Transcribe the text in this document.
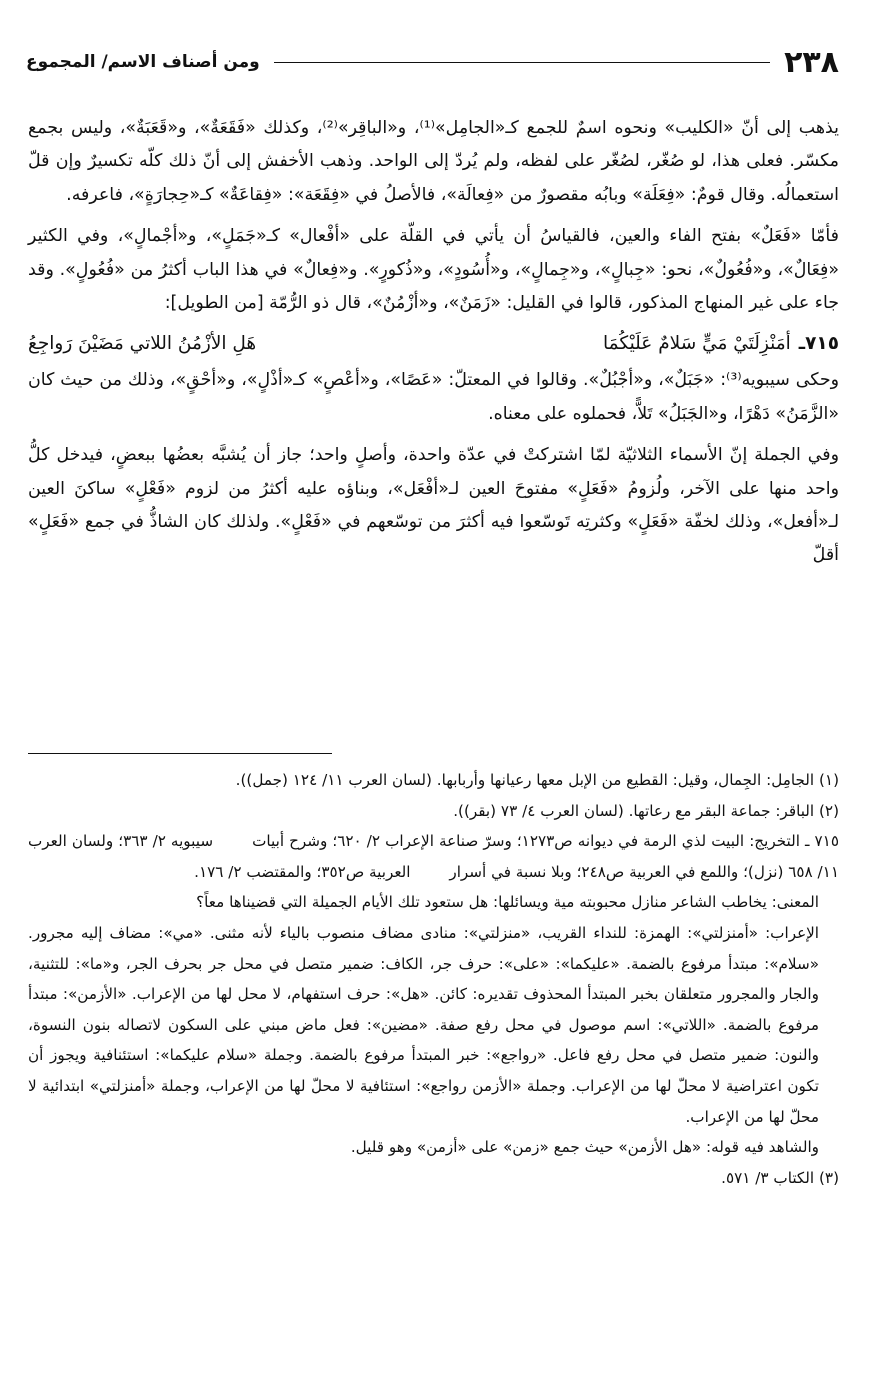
٢٣٨
ومن أصناف الاسم/ المجموع

يذهب إلى أنّ «الكليب» ونحوه اسمٌ للجمع كـ«الجامِل»⁽¹⁾، و«الباقِر»⁽²⁾، وكذلك «فَقَعَةٌ»، و«قَعَبَةٌ»، وليس بجمع مكسّر. فعلى هذا، لو صُغّر، لصُغّر على لفظه، ولم يُردّ إلى الواحد. وذهب الأخفش إلى أنّ ذلك كلّه تكسيرٌ وإن قلّ استعمالُه. وقال قومٌ: «فِعَلَة» وبابُه مقصورٌ من «فِعالَة»، فالأصلُ في «فِقَعَة»: «فِقاعَةٌ» كـ«حِجارَةٍ»، فاعرفه.

فأمّا «فَعَلٌ» بفتح الفاء والعين، فالقياسُ أن يأتي في القلّة على «أفْعال» كـ«جَمَلٍ»، و«أجْمالٍ»، وفي الكثير «فِعَالٌ»، و«فُعُولٌ»، نحو: «جِبالٍ»، و«جِمالٍ»، و«أُسُودٍ»، و«ذُكورٍ». و«فِعالٌ» في هذا الباب أكثرُ من «فُعُولٍ». وقد جاء على غير المنهاج المذكور، قالوا في القليل: «زَمَنٌ»، و«أزْمُنٌ»، قال ذو الرُّمّة [من الطويل]:

٧١٥ـ
أمَنْزِلَتَيْ مَيٍّ سَلامٌ عَلَيْكُمَا
هَلِ الأزْمُنُ اللاتي مَضَيْنَ رَواجِعُ

وحكى سيبويه⁽³⁾: «جَبَلٌ»، و«أجْبُلٌ». وقالوا في المعتلّ: «عَصًا»، و«أعْصٍ» كـ«أذْلٍ»، و«أحْقٍ»، وذلك من حيث كان «الزَّمَنُ» دَهْرًا، و«الجَبَلُ» تَلاًّ، فحملوه على معناه.

وفي الجملة إنّ الأسماء الثلاثيّة لمّا اشتركتْ في عدّة واحدة، وأصلٍ واحد؛ جاز أن يُشبَّه بعضُها ببعضٍ، فيدخل كلُّ واحد منها على الآخر، ولُزومُ «فَعَلٍ» مفتوحَ العين لـ«أفْعَل»، وبناؤه عليه أكثرُ من لزوم «فَعْلٍ» ساكنَ العين لـ«أفعل»، وذلك لخفّة «فَعَلٍ» وكثرتِه تَوسّعوا فيه أكثرَ من توسّعهم في «فَعْلٍ». ولذلك كان الشاذُّ في جمع «فَعَلٍ» أقلّ

(١) الجامِل: الجِمال، وقيل: القطيع من الإبل معها رعيانها وأربابها. (لسان العرب ١١/ ١٢٤ (جمل)).

(٢) الباقر: جماعة البقر مع رعاتها. (لسان العرب ٤/ ٧٣ (بقر)).

٧١٥ ـ التخريج: البيت لذي الرمة في ديوانه ص١٢٧٣؛ وسرّ صناعة الإعراب ٢/ ٦٢٠؛ وشرح أبيات سيبويه ٢/ ٣٦٣؛ ولسان العرب ١١/ ٦٥٨ (نزل)؛ واللمع في العربية ص٢٤٨؛ وبلا نسبة في أسرار العربية ص٣٥٢؛ والمقتضب ٢/ ١٧٦.

المعنى: يخاطب الشاعر منازل محبوبته مية ويسائلها: هل ستعود تلك الأيام الجميلة التي قضيناها معاً؟

الإعراب: «أمنزلتي»: الهمزة: للنداء القريب، «منزلتي»: منادى مضاف منصوب بالياء لأنه مثنى. «مي»: مضاف إليه مجرور. «سلام»: مبتدأ مرفوع بالضمة. «عليكما»: «على»: حرف جر، الكاف: ضمير متصل في محل جر بحرف الجر، و«ما»: للتثنية، والجار والمجرور متعلقان بخبر المبتدأ المحذوف تقديره: كائن. «هل»: حرف استفهام، لا محل لها من الإعراب. «الأزمن»: مبتدأ مرفوع بالضمة. «اللاتي»: اسم موصول في محل رفع صفة. «مضين»: فعل ماض مبني على السكون لاتصاله بنون النسوة، والنون: ضمير متصل في محل رفع فاعل. «رواجع»: خبر المبتدأ مرفوع بالضمة. وجملة «سلام عليكما»: استئنافية ويجوز أن تكون اعتراضية لا محلّ لها من الإعراب. وجملة «الأزمن رواجع»: استئافية لا محلّ لها من الإعراب، وجملة «أمنزلتي» ابتدائية لا محلّ لها من الإعراب.

والشاهد فيه قوله: «هل الأزمن» حيث جمع «زمن» على «أزمن» وهو قليل.

(٣) الكتاب ٣/ ٥٧١.
